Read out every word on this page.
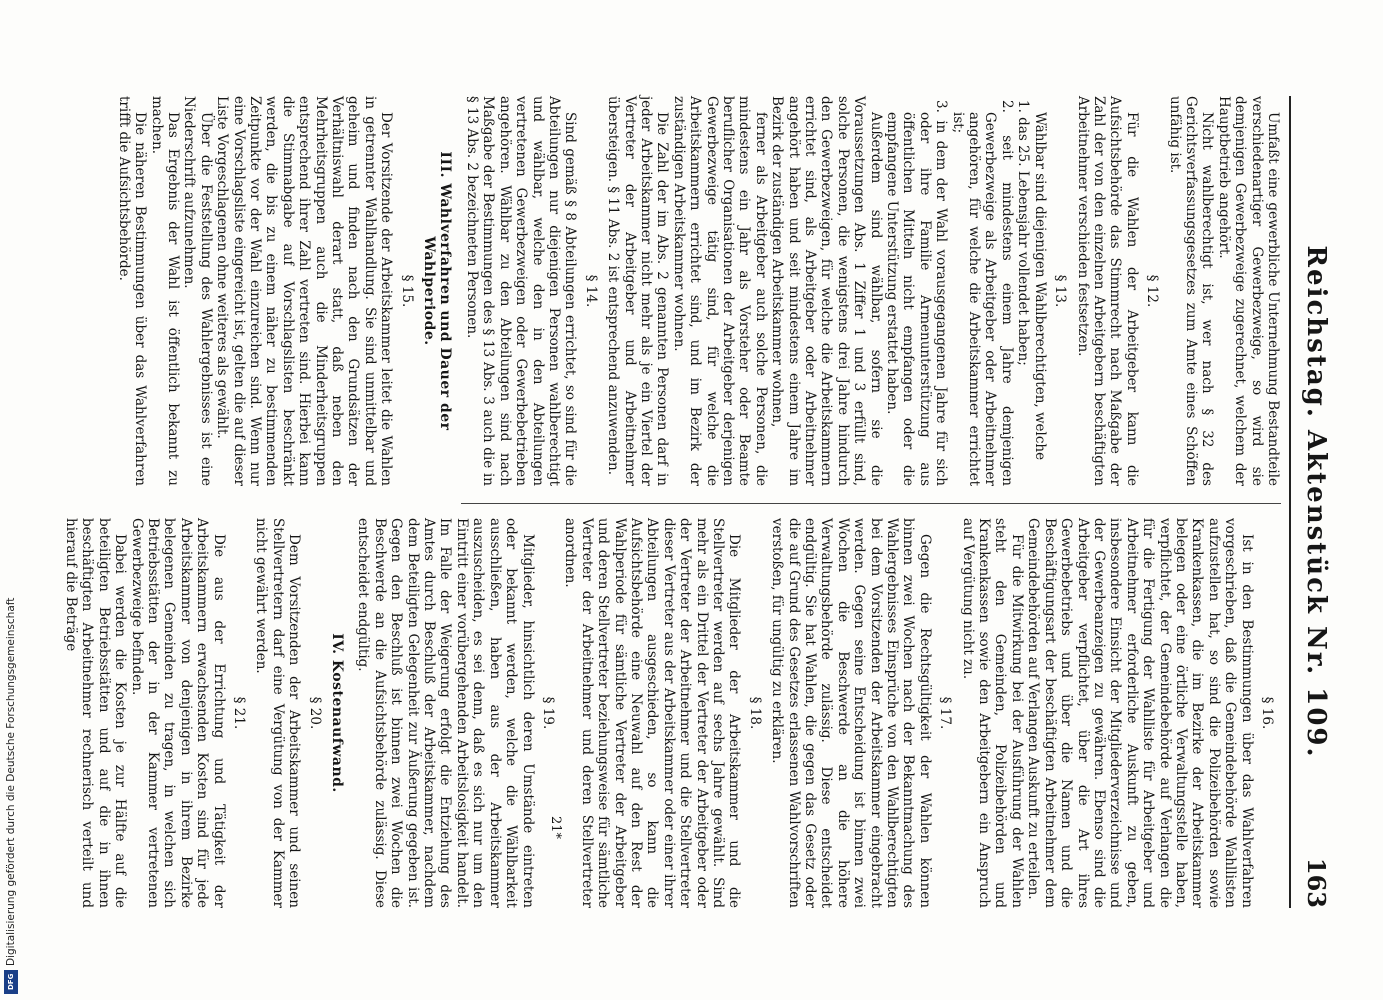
Reichstag. Aktenstück Nr. 109.
163

Umfaßt eine gewerbliche Unternehmung Bestandteile verschiedenartiger Gewerbezweige, so wird sie demjenigen Gewerbezweige zugerechnet, welchem der Hauptbetrieb angehört.

Nicht wahlberechtigt ist, wer nach § 32 des Gerichtsverfassungsgesetzes zum Amte eines Schöffen unfähig ist.

§ 12.

Für die Wahlen der Arbeitgeber kann die Aufsichtsbehörde das Stimmrecht nach Maßgabe der Zahl der von den einzelnen Arbeitgebern beschäftigten Arbeitnehmer verschieden festsetzen.

§ 13.

Wählbar sind diejenigen Wahlberechtigten, welche

1. das 25. Lebensjahr vollendet haben;

2. seit mindestens einem Jahre demjenigen Gewerbezweige als Arbeitgeber oder Arbeitnehmer angehören, für welche die Arbeitskammer errichtet ist;

3. in dem der Wahl vorausgegangenen Jahre für sich oder ihre Familie Armenunterstützung aus öffentlichen Mitteln nicht empfangen oder die empfangene Unterstützung erstattet haben.

Außerdem sind wählbar, sofern sie die Voraussetzungen Abs. 1 Ziffer 1 und 3 erfüllt sind, solche Personen, die wenigstens drei Jahre hindurch den Gewerbezweigen, für welche die Arbeitskammern errichtet sind, als Arbeitgeber oder Arbeitnehmer angehört haben und seit mindestens einem Jahre im Bezirk der zuständigen Arbeitskammer wohnen,

ferner als Arbeitgeber auch solche Personen, die mindestens ein Jahr als Vorsteher oder Beamte beruflicher Organisationen der Arbeitgeber derjenigen Gewerbezweige tätig sind, für welche die Arbeitskammern errichtet sind, und im Bezirk der zuständigen Arbeitskammer wohnen.

Die Zahl der im Abs. 2 genannten Personen darf in jeder Arbeitskammer nicht mehr als je ein Viertel der Vertreter der Arbeitgeber und Arbeitnehmer übersteigen. § 11 Abs. 2 ist entsprechend anzuwenden.

§ 14.

Sind gemäß § 8 Abteilungen errichtet, so sind für die Abteilungen nur diejenigen Personen wahlberechtigt und wählbar, welche den in den Abteilungen vertretenen Gewerbezweigen oder Gewerbebetrieben angehören. Wählbar zu den Abteilungen sind nach Maßgabe der Bestimmungen des § 13 Abs. 3 auch die in § 13 Abs. 2 bezeichneten Personen.

III. Wahlverfahren und Dauer der Wahlperiode.
§ 15.

Der Vorsitzende der Arbeitskammer leitet die Wahlen in getrennter Wahlhandlung. Sie sind unmittelbar und geheim und finden nach den Grundsätzen der Verhältniswahl derart statt, daß neben den Mehrheitsgruppen auch die Minderheitsgruppen entsprechend ihrer Zahl vertreten sind. Hierbei kann die Stimmabgabe auf Vorschlagslisten beschränkt werden, die bis zu einem näher zu bestimmenden Zeitpunkte vor der Wahl einzureichen sind. Wenn nur eine Vorschlagsliste eingereicht ist, gelten die auf dieser Liste Vorgeschlagenen ohne weiteres als gewählt.

Über die Feststellung des Wahlergebnisses ist eine Niederschrift aufzunehmen.

Das Ergebnis der Wahl ist öffentlich bekannt zu machen.

Die näheren Bestimmungen über das Wahlverfahren trifft die Aufsichtsbehörde.

§ 16.

Ist in den Bestimmungen über das Wahlverfahren vorgeschrieben, daß die Gemeindebehörde Wahllisten aufzustellen hat, so sind die Polizeibehörden sowie Krankenkassen, die im Bezirke der Arbeitskammer belegen oder eine örtliche Verwaltungsstelle haben, verpflichtet, der Gemeindebehörde auf Verlangen die für die Fertigung der Wahlliste für Arbeitgeber und Arbeitnehmer erforderliche Auskunft zu geben, insbesondere Einsicht der Mitgliederverzeichnisse und der Gewerbeanzeigen zu gewähren. Ebenso sind die Arbeitgeber verpflichtet, über die Art ihres Gewerbebetriebs und über die Namen und die Beschäftigungsart der beschäftigten Arbeitnehmer dem Gemeindebehörden auf Verlangen Auskunft zu erteilen.

Für die Mitwirkung bei der Ausführung der Wahlen steht den Gemeinden, Polizeibehörden und Krankenkassen sowie den Arbeitgebern ein Anspruch auf Vergütung nicht zu.

§ 17.

Gegen die Rechtsgültigkeit der Wahlen können binnen zwei Wochen nach der Bekanntmachung des Wahlergebnisses Einsprüche von den Wahlberechtigten bei dem Vorsitzenden der Arbeitskammer eingebracht werden. Gegen seine Entscheidung ist binnen zwei Wochen die Beschwerde an die höhere Verwaltungsbehörde zulässig. Diese entscheidet endgültig. Sie hat Wahlen, die gegen das Gesetz oder die auf Grund des Gesetzes erlassenen Wahlvorschriften verstoßen, für ungültig zu erklären.

§ 18.

Die Mitglieder der Arbeitskammer und die Stellvertreter werden auf sechs Jahre gewählt. Sind mehr als ein Drittel der Vertreter der Arbeitgeber oder der Vertreter der Arbeitnehmer und die Stellvertreter dieser Vertreter aus der Arbeitskammer oder einer ihrer Abteilungen ausgeschieden, so kann die Aufsichtsbehörde eine Neuwahl auf den Rest der Wahlperiode für sämtliche Vertreter der Arbeitgeber und deren Stellvertreter beziehungsweise für sämtliche Vertreter der Arbeitnehmer und deren Stellvertreter anordnen.

§ 19.

Mitglieder, hinsichtlich deren Umstände eintreten oder bekannt werden, welche die Wählbarkeit ausschließen, haben aus der Arbeitskammer auszuscheiden, es sei denn, daß es sich nur um den Eintritt einer vorübergehenden Arbeitslosigkeit handelt. Im Falle der Weigerung erfolgt die Entziehung des Amtes durch Beschluß der Arbeitskammer, nachdem dem Beteiligten Gelegenheit zur Äußerung gegeben ist. Gegen den Beschluß ist binnen zwei Wochen die Beschwerde an die Aufsichtsbehörde zulässig. Diese entscheidet endgültig.

IV. Kostenaufwand.
§ 20.

Dem Vorsitzenden der Arbeitskammer und seinen Stellvertretern darf eine Vergütung von der Kammer nicht gewährt werden.

§ 21.

Die aus der Errichtung und Tätigkeit der Arbeitskammern erwachsenden Kosten sind für jede Arbeitskammer von denjenigen in ihrem Bezirke belegenen Gemeinden zu tragen, in welchen sich Betriebsstätten der in der Kammer vertretenen Gewerbezweige befinden.

Dabei werden die Kosten je zur Hälfte auf die beteiligten Betriebsstätten und auf die in ihnen beschäftigten Arbeitnehmer rechnerisch verteilt und hierauf die Beträge

21*
Digitalisierung gefördert durch die Deutsche Forschungsgemeinschaft
DFG
